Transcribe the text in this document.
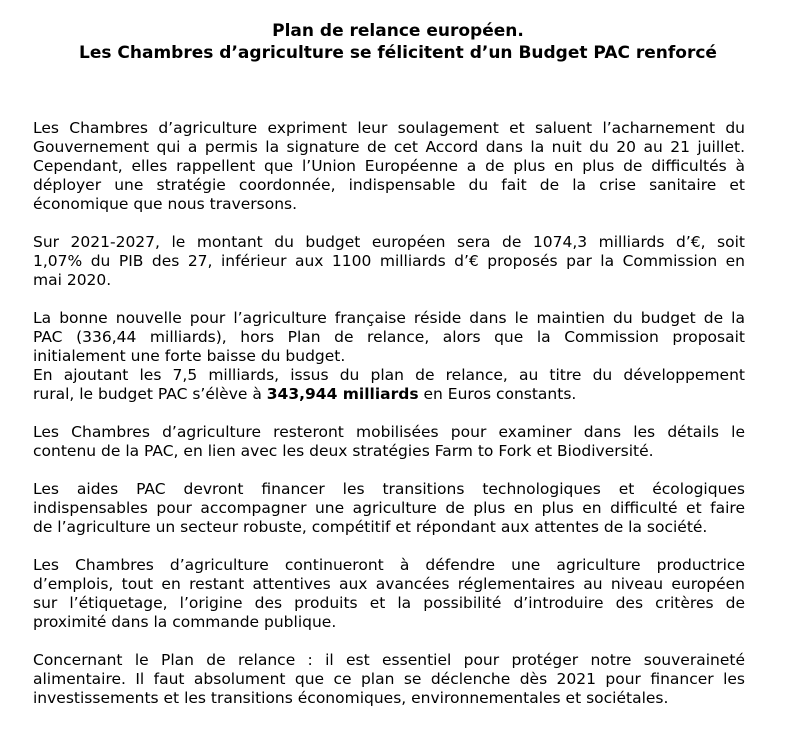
Plan de relance européen.
Les Chambres d’agriculture se félicitent d’un Budget PAC renforcé
Les Chambres d’agriculture expriment leur soulagement et saluent l’acharnement du
Gouvernement qui a permis la signature de cet Accord dans la nuit du 20 au 21 juillet.
Cependant, elles rappellent que l’Union Européenne a de plus en plus de difficultés à
déployer une stratégie coordonnée, indispensable du fait de la crise sanitaire et
économique que nous traversons.
Sur 2021-2027, le montant du budget européen sera de 1074,3 milliards d’€, soit
1,07% du PIB des 27, inférieur aux 1100 milliards d’€ proposés par la Commission en
mai 2020.
La bonne nouvelle pour l’agriculture française réside dans le maintien du budget de la
PAC (336,44 milliards), hors Plan de relance, alors que la Commission proposait
initialement une forte baisse du budget.
En ajoutant les 7,5 milliards, issus du plan de relance, au titre du développement
rural, le budget PAC s’élève à 343,944 milliards en Euros constants.
Les Chambres d’agriculture resteront mobilisées pour examiner dans les détails le
contenu de la PAC, en lien avec les deux stratégies Farm to Fork et Biodiversité.
Les aides PAC devront financer les transitions technologiques et écologiques
indispensables pour accompagner une agriculture de plus en plus en difficulté et faire
de l’agriculture un secteur robuste, compétitif et répondant aux attentes de la société.
Les Chambres d’agriculture continueront à défendre une agriculture productrice
d’emplois, tout en restant attentives aux avancées réglementaires au niveau européen
sur l’étiquetage, l’origine des produits et la possibilité d’introduire des critères de
proximité dans la commande publique.
Concernant le Plan de relance : il est essentiel pour protéger notre souveraineté
alimentaire. Il faut absolument que ce plan se déclenche dès 2021 pour financer les
investissements et les transitions économiques, environnementales et sociétales.
